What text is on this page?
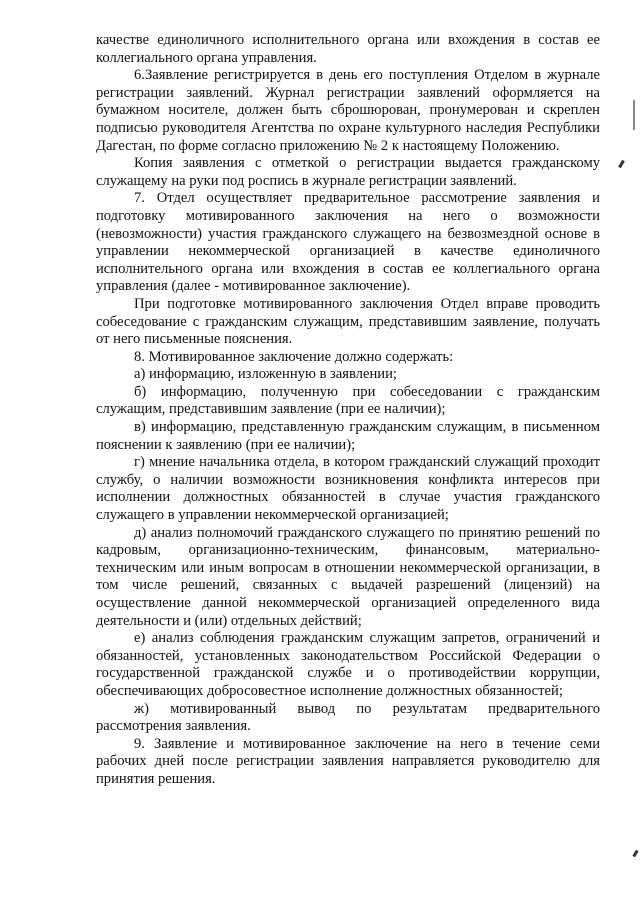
качестве единоличного исполнительного органа или вхождения в состав ее коллегиального органа управления.

6.Заявление регистрируется в день его поступления Отделом в журнале регистрации заявлений. Журнал регистрации заявлений оформляется на бумажном носителе, должен быть сброшюрован, пронумерован и скреплен подписью руководителя Агентства по охране культурного наследия Республики Дагестан, по форме согласно приложению № 2 к настоящему Положению.

Копия заявления с отметкой о регистрации выдается гражданскому служащему на руки под роспись в журнале регистрации заявлений.

7. Отдел осуществляет предварительное рассмотрение заявления и подготовку мотивированного заключения на него о возможности (невозможности) участия гражданского служащего на безвозмездной основе в управлении некоммерческой организацией в качестве единоличного исполнительного органа или вхождения в состав ее коллегиального органа управления (далее - мотивированное заключение).

При подготовке мотивированного заключения Отдел вправе проводить собеседование с гражданским служащим, представившим заявление, получать от него письменные пояснения.

8. Мотивированное заключение должно содержать:

а) информацию, изложенную в заявлении;

б) информацию, полученную при собеседовании с гражданским служащим, представившим заявление (при ее наличии);

в) информацию, представленную гражданским служащим, в письменном пояснении к заявлению (при ее наличии);

г) мнение начальника отдела, в котором гражданский служащий проходит службу, о наличии возможности возникновения конфликта интересов при исполнении должностных обязанностей в случае участия гражданского служащего в управлении некоммерческой организацией;

д) анализ полномочий гражданского служащего по принятию решений по кадровым, организационно-техническим, финансовым, материально-техническим или иным вопросам в отношении некоммерческой организации, в том числе решений, связанных с выдачей разрешений (лицензий) на осуществление данной некоммерческой организацией определенного вида деятельности и (или) отдельных действий;

е) анализ соблюдения гражданским служащим запретов, ограничений и обязанностей, установленных законодательством Российской Федерации о государственной гражданской службе и о противодействии коррупции, обеспечивающих добросовестное исполнение должностных обязанностей;

ж) мотивированный вывод по результатам предварительного рассмотрения заявления.

9. Заявление и мотивированное заключение на него в течение семи рабочих дней после регистрации заявления направляется руководителю для принятия решения.
